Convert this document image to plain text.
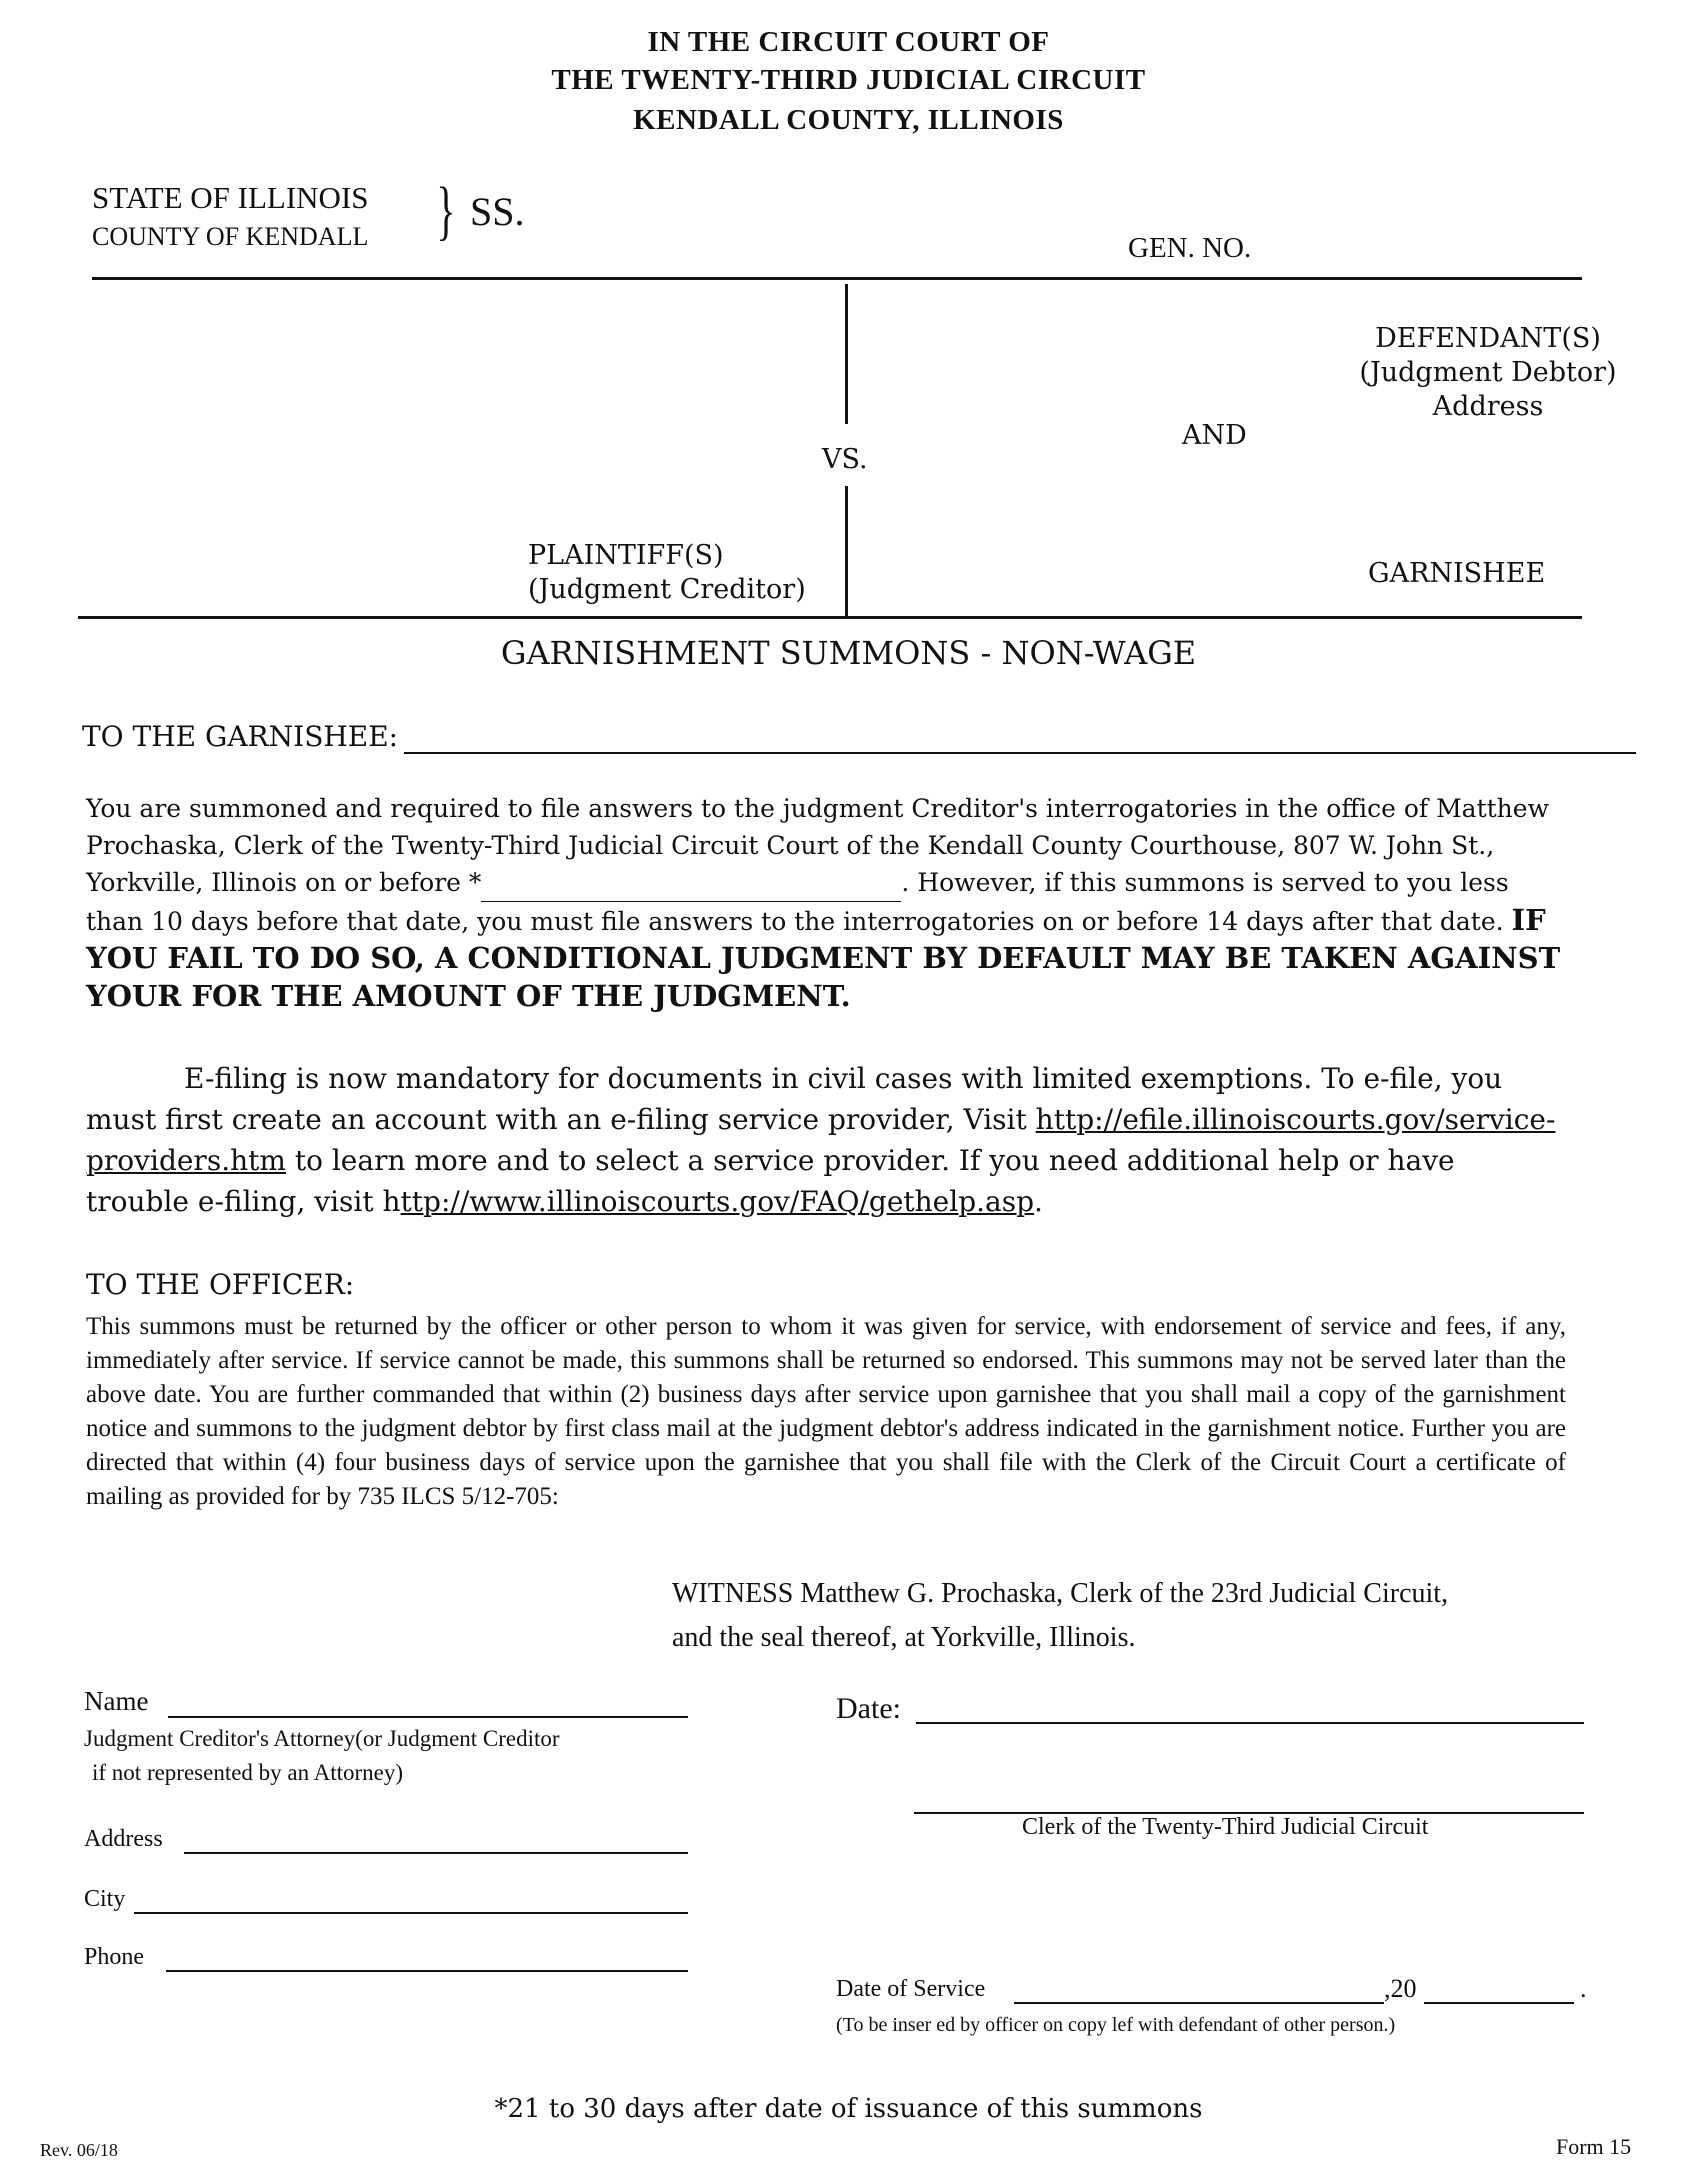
IN THE CIRCUIT COURT OF
THE TWENTY-THIRD JUDICIAL CIRCUIT
KENDALL COUNTY, ILLINOIS
STATE OF ILLINOIS
COUNTY OF KENDALL } SS.
GEN. NO.
DEFENDANT(S)
(Judgment Debtor)
Address
VS.
AND
PLAINTIFF(S)
(Judgment Creditor)
GARNISHEE
GARNISHMENT SUMMONS - NON-WAGE
TO THE GARNISHEE:
You are summoned and required to file answers to the judgment Creditor's interrogatories in the office of Matthew Prochaska, Clerk of the Twenty-Third Judicial Circuit Court of the Kendall County Courthouse, 807 W. John St., Yorkville, Illinois on or before *	. However, if this summons is served to you less than 10 days before that date, you must file answers to the interrogatories on or before 14 days after that date. IF YOU FAIL TO DO SO, A CONDITIONAL JUDGMENT BY DEFAULT MAY BE TAKEN AGAINST YOUR FOR THE AMOUNT OF THE JUDGMENT.
E-filing is now mandatory for documents in civil cases with limited exemptions. To e-file, you must first create an account with an e-filing service provider, Visit http://efile.illinoiscourts.gov/service-providers.htm to learn more and to select a service provider. If you need additional help or have trouble e-filing, visit http://www.illinoiscourts.gov/FAQ/gethelp.asp.
TO THE OFFICER:
This summons must be returned by the officer or other person to whom it was given for service, with endorsement of service and fees, if any, immediately after service. If service cannot be made, this summons shall be returned so endorsed. This summons may not be served later than the above date. You are further commanded that within (2) business days after service upon garnishee that you shall mail a copy of the garnishment notice and summons to the judgment debtor by first class mail at the judgment debtor's address indicated in the garnishment notice. Further you are directed that within (4) four business days of service upon the garnishee that you shall file with the Clerk of the Circuit Court a certificate of mailing as provided for by 735 ILCS 5/12-705:
WITNESS Matthew G. Prochaska, Clerk of the 23rd Judicial Circuit,
and the seal thereof, at Yorkville, Illinois.
Name
Judgment Creditor's Attorney(or Judgment Creditor
if not represented by an Attorney)
Address
City
Phone
Date:
Clerk of the Twenty-Third Judicial Circuit
Date of Service	,20	.
(To be inser ed by officer on copy lef with defendant of other person.)
*21 to 30 days after date of issuance of this summons
Rev. 06/18	Form 15
